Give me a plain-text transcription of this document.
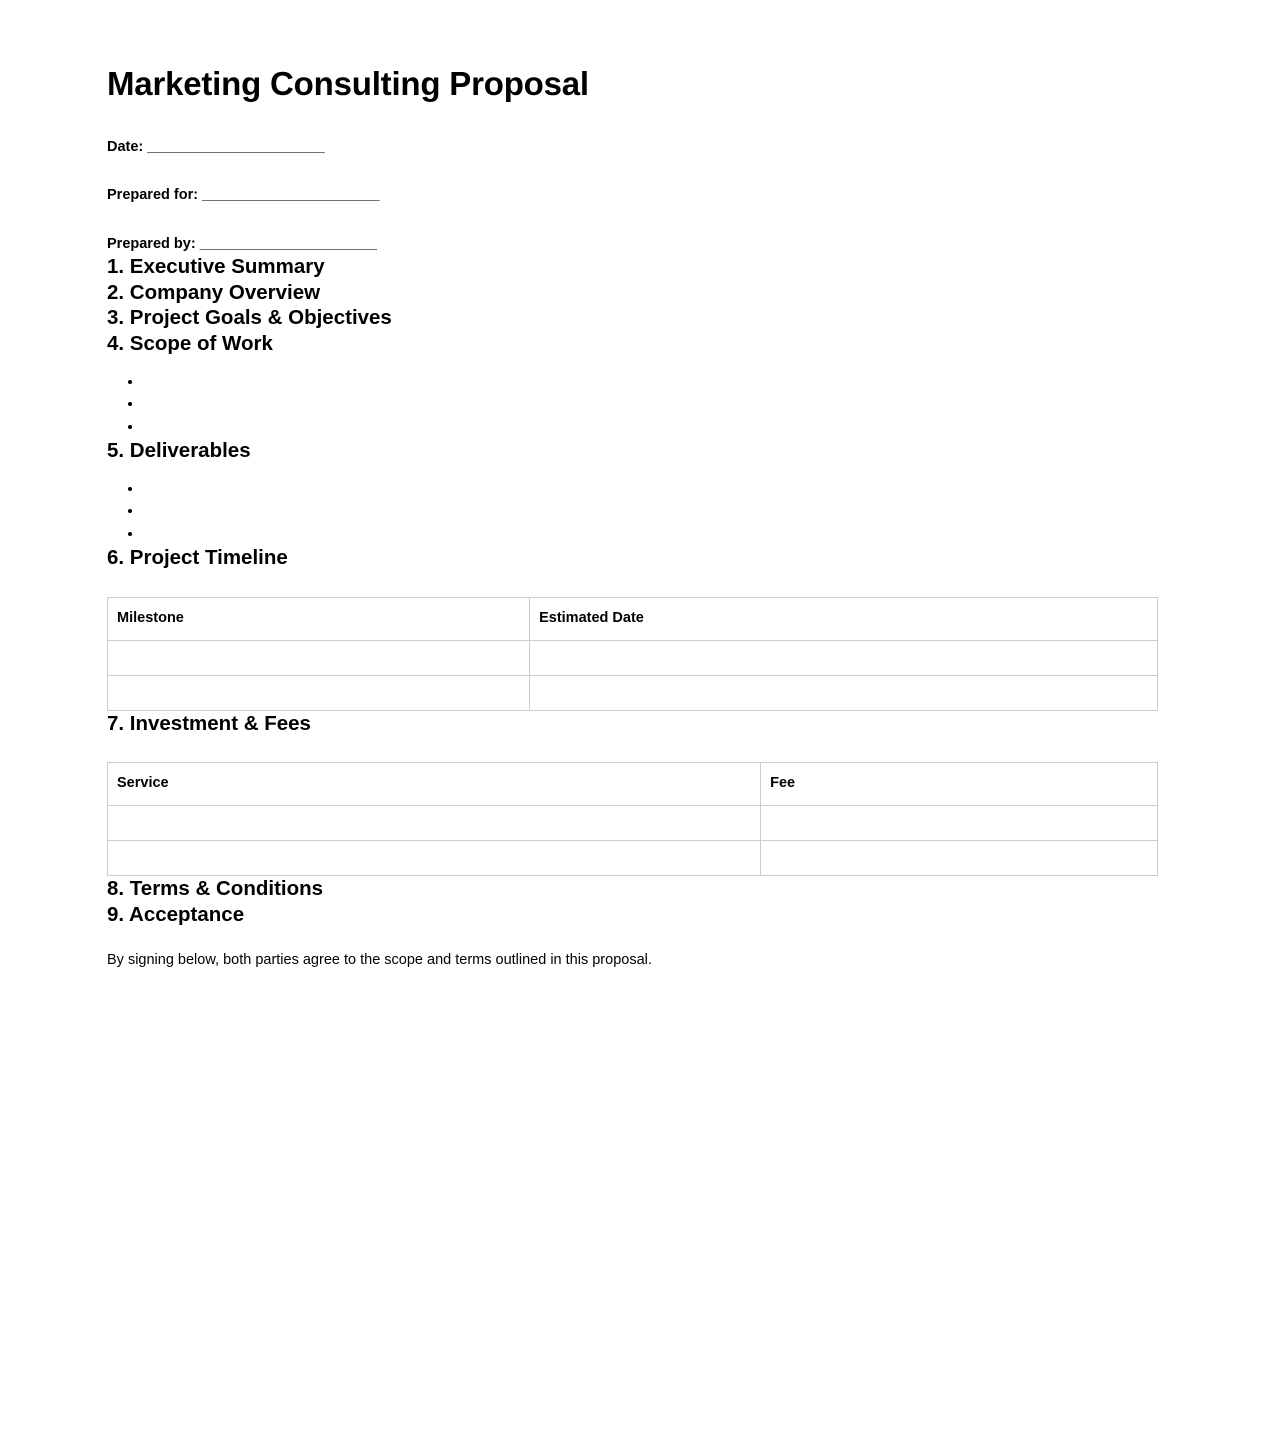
Marketing Consulting Proposal
Date: ______________________
Prepared for: ______________________
Prepared by: ______________________
1. Executive Summary
2. Company Overview
3. Project Goals & Objectives
4. Scope of Work
•
•
•
5. Deliverables
•
•
•
6. Project Timeline
Milestone	Estimated Date

7. Investment & Fees
Service	Fee

8. Terms & Conditions
9. Acceptance

By signing below, both parties agree to the scope and terms outlined in this proposal.
